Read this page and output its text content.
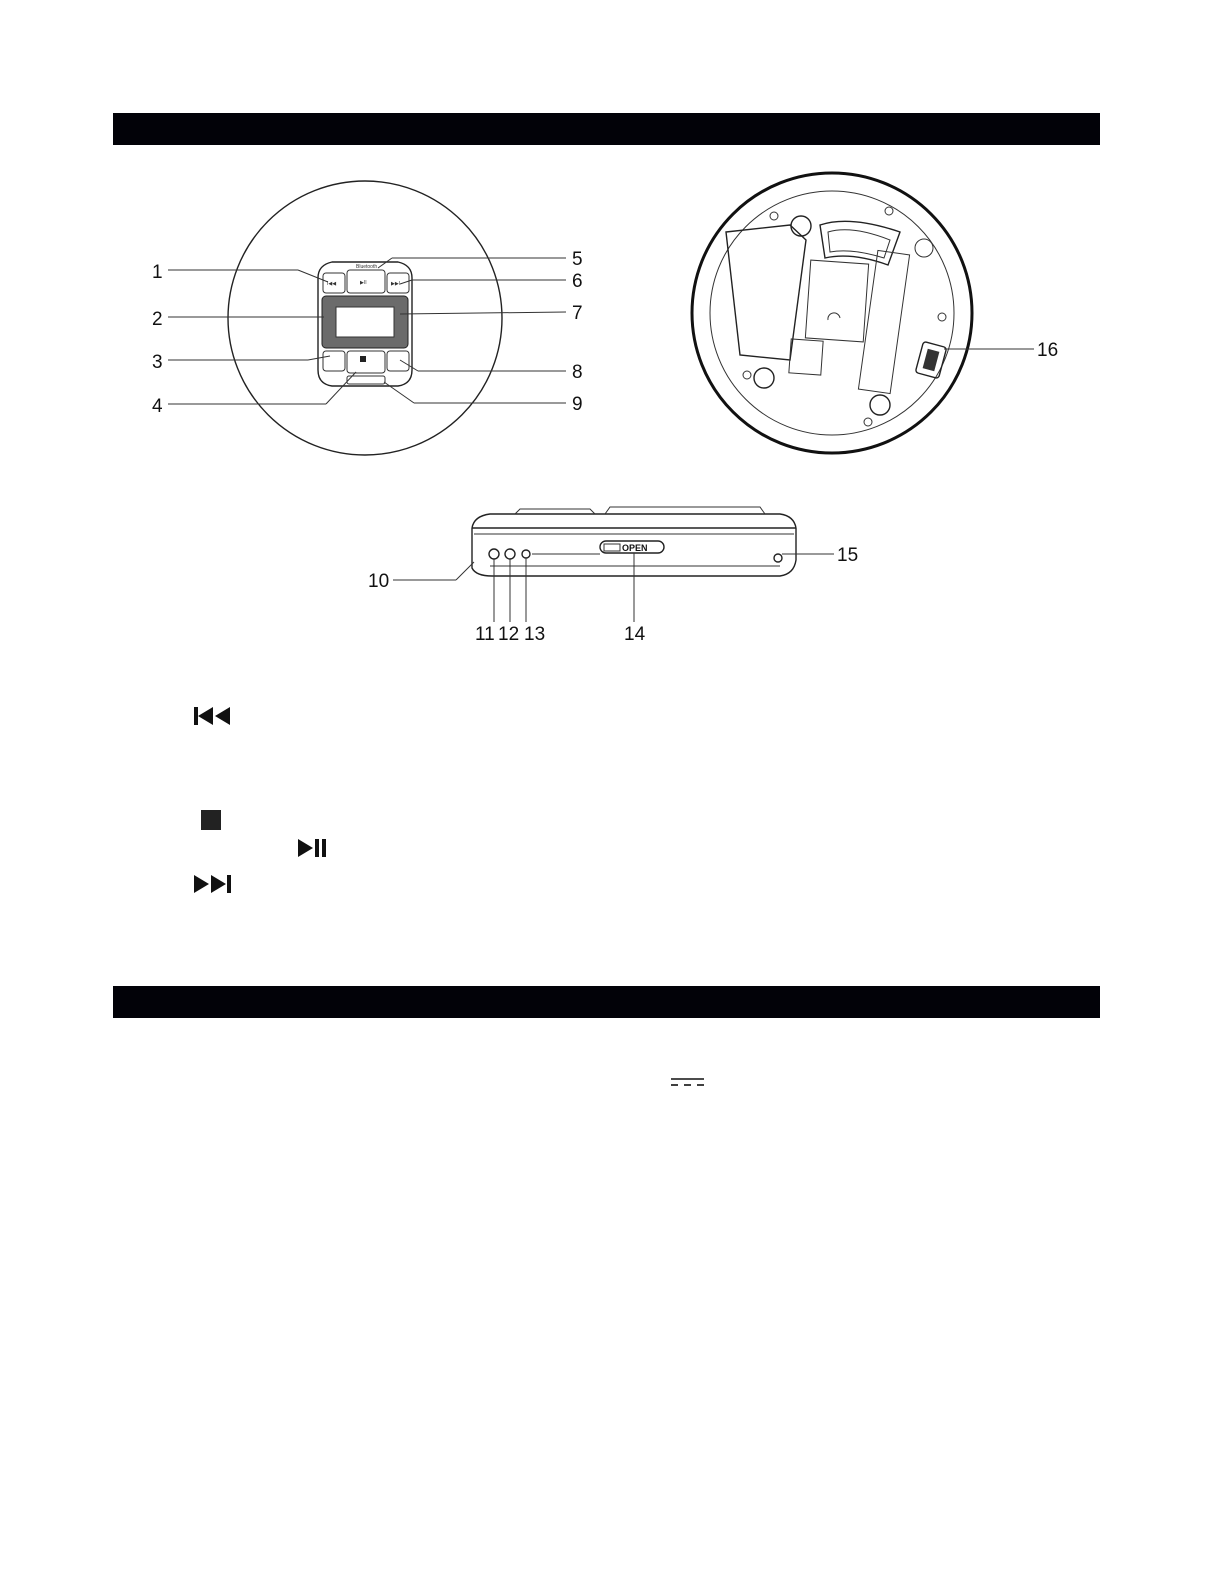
Bluetooth
▶II
I◀◀	▶▶I
1
2
3
4
5
6
7
8
9
16
OPEN
10
11 12 13	14
15
